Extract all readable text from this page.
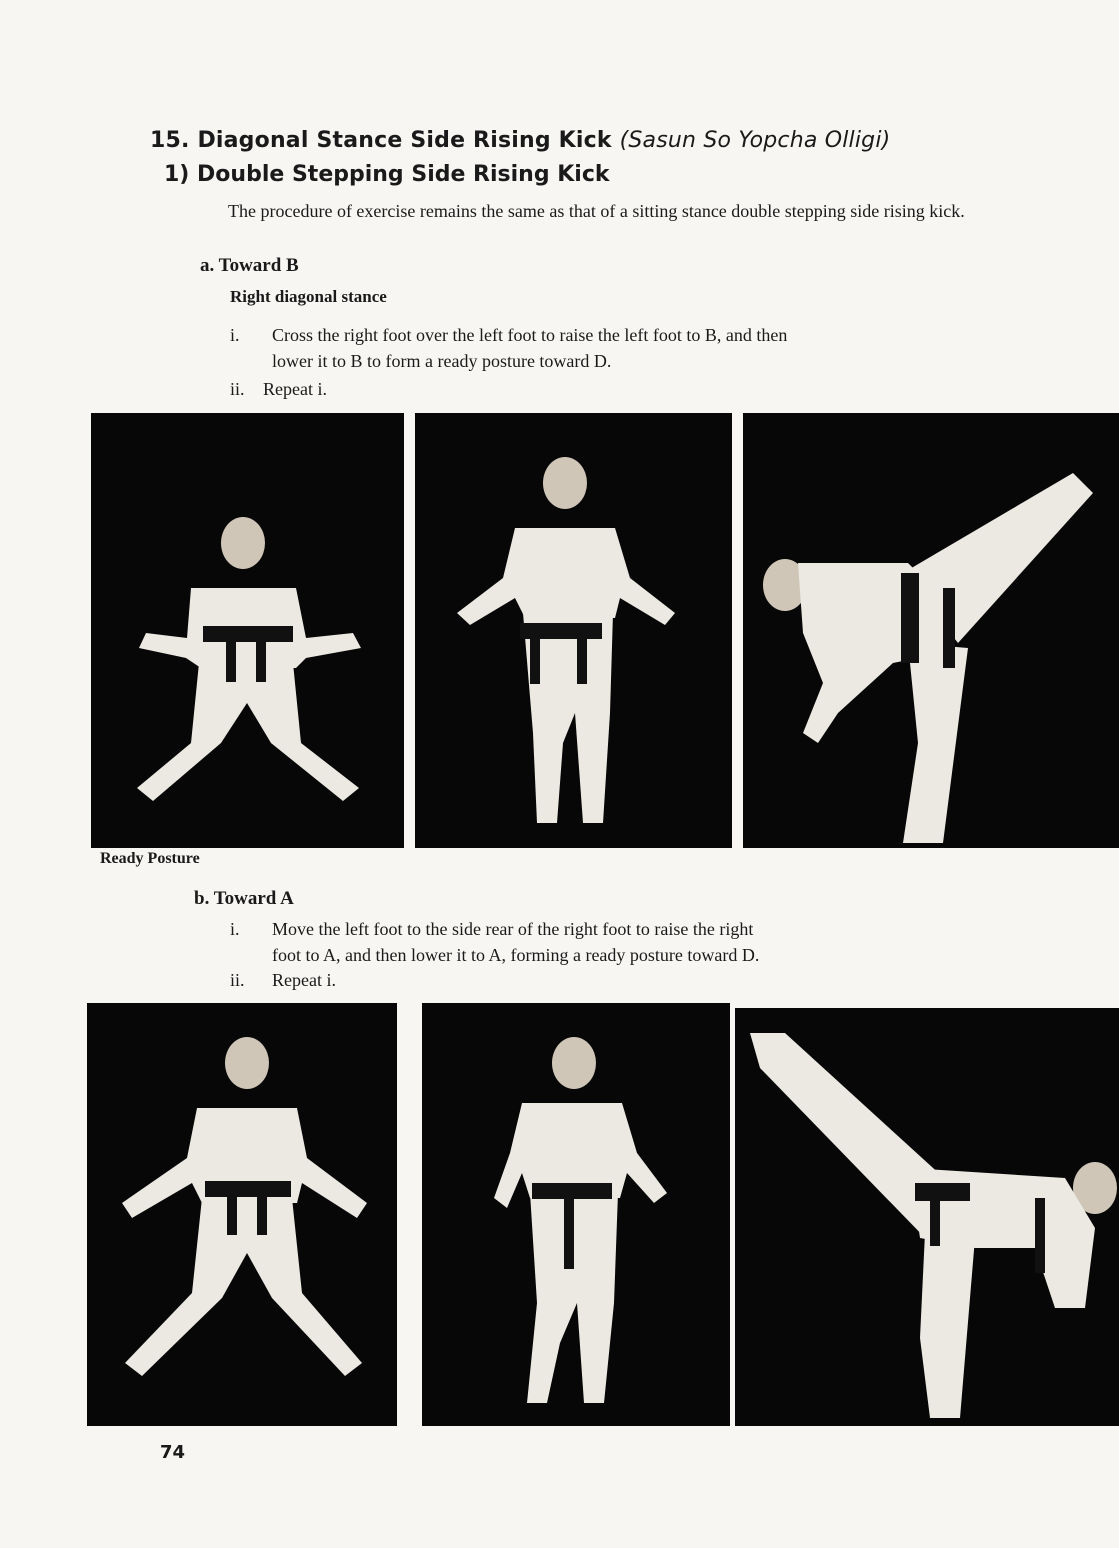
15. Diagonal Stance Side Rising Kick (Sasun So Yopcha Olligi)
1) Double Stepping Side Rising Kick
The procedure of exercise remains the same as that of a sitting stance double stepping side rising kick.
a. Toward B
Right diagonal stance
i. Cross the right foot over the left foot to raise the left foot to B, and then
lower it to B to form a ready posture toward D.
ii. Repeat i.
Ready Posture
b. Toward A
i. Move the left foot to the side rear of the right foot to raise the right
foot to A, and then lower it to A, forming a ready posture toward D.
ii. Repeat i.
74
